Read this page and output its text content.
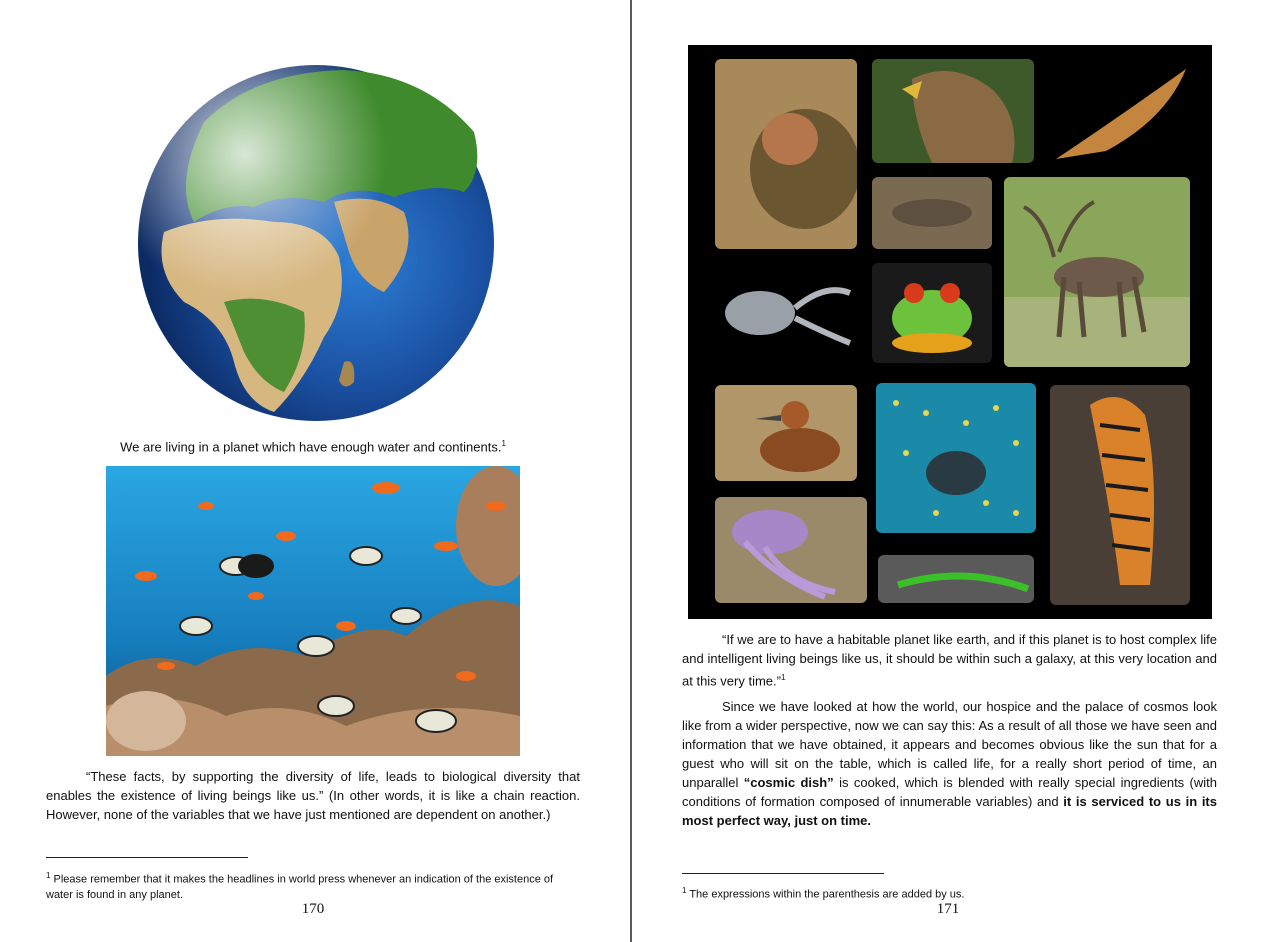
We are living in a planet which have enough water and continents.$^1$

“These facts, by supporting the diversity of life, leads to biological diversity that enables the existence of living beings like us.” (In other words, it is like a chain reaction. However, none of the variables that we have just mentioned are dependent on another.)

$^1$ Please remember that it makes the headlines in world press whenever an indication of the existence of water is found in any planet.

170

“If we are to have a habitable planet like earth, and if this planet is to host complex life and intelligent living beings like us, it should be within such a galaxy, at this very location and at this very time.”$^1$

Since we have looked at how the world, our hospice and the palace of cosmos look like from a wider perspective, now we can say this: As a result of all those we have seen and information that we have obtained, it appears and becomes obvious like the sun that for a guest who will sit on the table, which is called life, for a really short period of time, an unparallel “cosmic dish” is cooked, which is blended with really special ingredients (with conditions of formation composed of innumerable variables) and it is serviced to us in its most perfect way, just on time.

$^1$ The expressions within the parenthesis are added by us.

171
